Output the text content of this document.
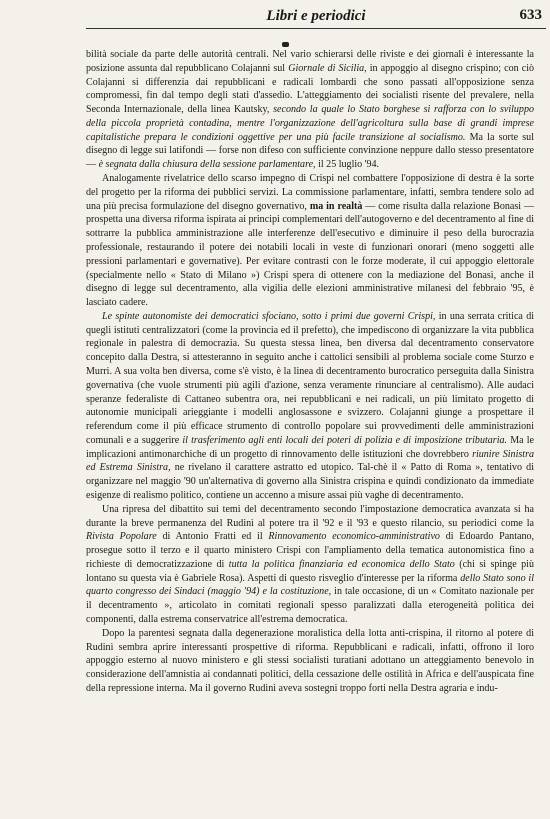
Libri e periodici	633

bilità sociale da parte delle autorità centrali. Nel vario schierarsi delle riviste e dei giornali è interessante la posizione assunta dal repubblicano Colajanni sul Giornale di Sicilia, in appoggio al disegno crispino; con ciò Colajanni si differenzia dai repubblicani e radicali lombardi che sono passati all'opposizione senza compromessi, fin dal tempo degli stati d'assedio. L'atteggiamento dei socialisti risente del prevalere, nella Seconda Internazionale, della linea Kautsky, secondo la quale lo Stato borghese si rafforza con lo sviluppo della piccola proprietà contadina, mentre l'organizzazione dell'agricoltura sulla base di grandi imprese capitalistiche prepara le condizioni oggettive per una più facile transizione al socialismo. Ma la sorte sul disegno di legge sui latifondi — forse non difeso con sufficiente convinzione neppure dallo stesso presentatore — è segnata dalla chiusura della sessione parlamentare, il 25 luglio '94.

Analogamente rivelatrice dello scarso impegno di Crispi nel combattere l'opposizione di destra è la sorte del progetto per la riforma dei pubblici servizi. La commissione parlamentare, infatti, sembra tendere solo ad una più precisa formulazione del disegno governativo, ma in realtà — come risulta dalla relazione Bonasi — prospetta una diversa riforma ispirata ai principi complementari dell'autogoverno e del decentramento al fine di sottrarre la pubblica amministrazione alle interferenze dell'esecutivo e diminuire il peso della burocrazia professionale, restaurando il potere dei notabili locali in veste di funzionari onorari (meno soggetti alle pressioni parlamentari e governative). Per evitare contrasti con le forze moderate, il cui appoggio elettorale (specialmente nello « Stato di Milano ») Crispi spera di ottenere con la mediazione del Bonasi, anche il disegno di legge sul decentramento, alla vigilia delle elezioni amministrative milanesi del febbraio '95, è lasciato cadere.

Le spinte autonomiste dei democratici sfociano, sotto i primi due governi Crispi, in una serrata critica di quegli istituti centralizzatori (come la provincia ed il prefetto), che impediscono di organizzare la vita pubblica regionale in palestra di democrazia. Su questa stessa linea, ben diversa dal decentramento conservatore concepito dalla Destra, si attesteranno in seguito anche i cattolici sensibili al problema sociale come Sturzo e Murri. A sua volta ben diversa, come s'è visto, è la linea di decentramento burocratico perseguita dalla Sinistra governativa (che vuole strumenti più agili d'azione, senza veramente rinunciare al centralismo). Alle audaci speranze federaliste di Cattaneo subentra ora, nei repubblicani e nei radicali, un più limitato progetto di autonomie municipali arieggiante i modelli anglosassone e svizzero. Colajanni giunge a prospettare il referendum come il più efficace strumento di controllo popolare sui provvedimenti delle amministrazioni comunali e a suggerire il trasferimento agli enti locali dei poteri di polizia e di imposizione tributaria. Ma le implicazioni antimonarchiche di un progetto di rinnovamento delle istituzioni che dovrebbero riunire Sinistra ed Estrema Sinistra, ne rivelano il carattere astratto ed utopico. Tal-chè il « Patto di Roma », tentativo di organizzare nel maggio '90 un'alternativa di governo alla Sinistra crispina e quindi condizionato da immediate esigenze di realismo politico, contiene un accenno a misure assai più vaghe di decentramento.

Una ripresa del dibattito sui temi del decentramento secondo l'impostazione democratica avanzata si ha durante la breve permanenza del Rudinì al potere tra il '92 e il '93 e questo rilancio, su periodici come la Rivista Popolare di Antonio Fratti ed il Rinnovamento economico-amministrativo di Edoardo Pantano, prosegue sotto il terzo e il quarto ministero Crispi con l'ampliamento della tematica autonomistica fino a richieste di democratizzazione di tutta la politica finanziaria ed economica dello Stato (chi si spinge più lontano su questa via è Gabriele Rosa). Aspetti di questo risveglio d'interesse per la riforma dello Stato sono il quarto congresso dei Sindaci (maggio '94) e la costituzione, in tale occasione, di un « Comitato nazionale per il decentramento », articolato in comitati regionali spesso paralizzati dalla eterogeneità politica dei componenti, dalla estrema conservatrice all'estrema democratica.

Dopo la parentesi segnata dalla degenerazione moralistica della lotta anti-crispina, il ritorno al potere di Rudinì sembra aprire interessanti prospettive di riforma. Repubblicani e radicali, infatti, offrono il loro appoggio esterno al nuovo ministero e gli stessi socialisti turatiani adottano un atteggiamento benevolo in considerazione dell'amnistia ai condannati politici, della cessazione delle ostilità in Africa e dell'auspicata fine della repressione interna. Ma il governo Rudinì aveva sostegni troppo forti nella Destra agraria e indu-
